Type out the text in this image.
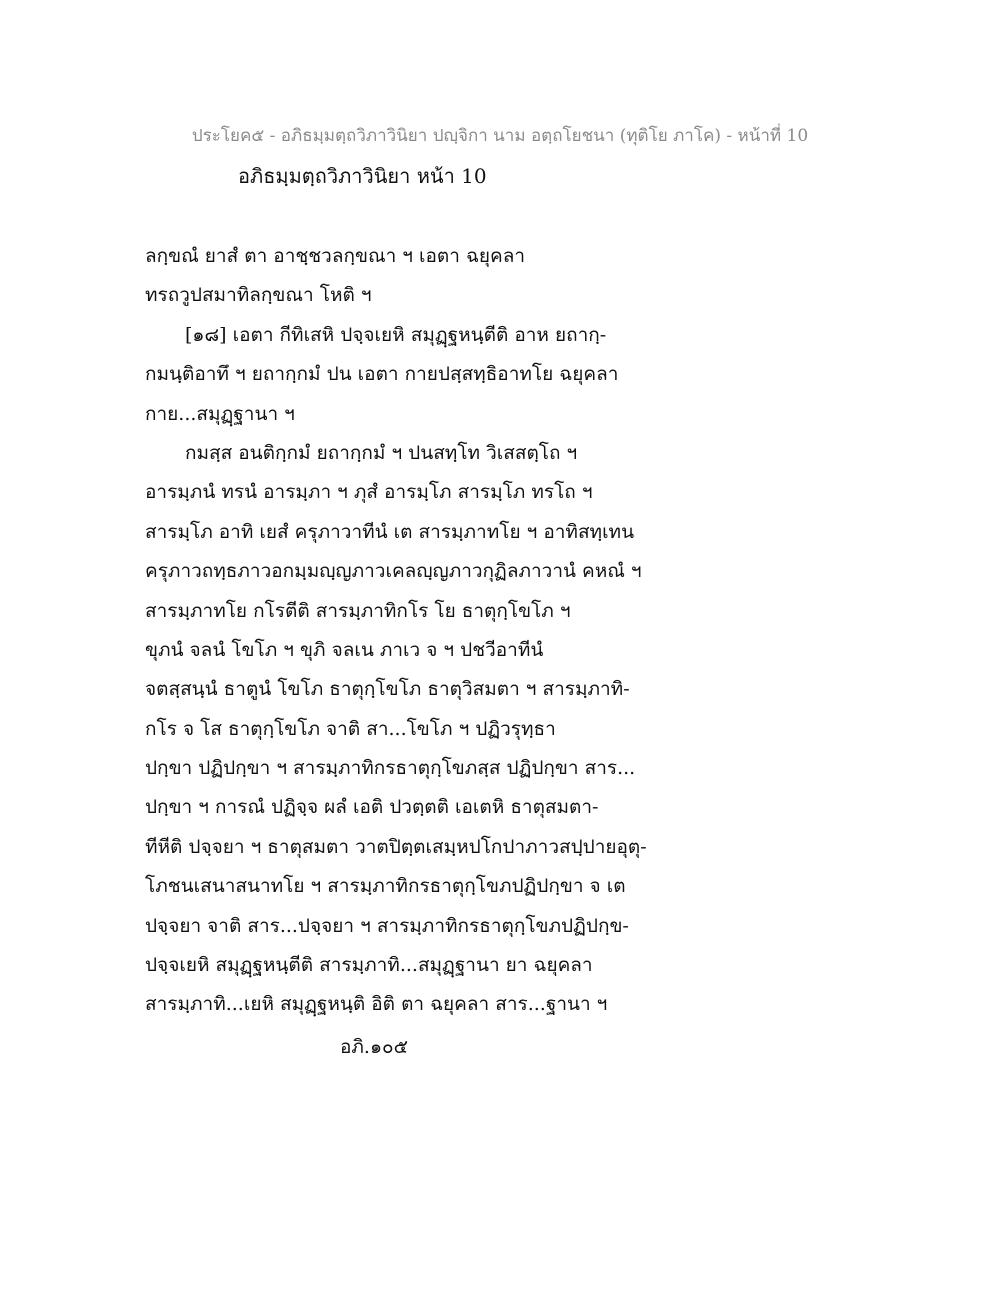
ประโยค๕ - อภิธมฺมตฺถวิภาวินิยา ปญฺจิกา นาม อตฺถโยชนา (ทุติโย ภาโค) - หน้าที่ 10
อภิธมฺมตฺถวิภาวินิยา หน้า 10
ลกฺขณํ ยาสํ ตา อาชฺชวลกฺขณา ฯ เอตา ฉยุคลา
ทรถวูปสมาทิลกฺขณา โหติ ฯ
[๑๘] เอตา กีทิเสหิ ปจฺจเยหิ สมุฏฺฐหนฺตีติ อาห ยถากฺ-
กมนฺติอาทึ ฯ ยถากฺกมํ ปน เอตา กายปสฺสทฺธิอาทโย ฉยุคลา
กาย...สมุฏฺฐานา ฯ
กมสฺส อนติกฺกมํ ยถากฺกมํ ฯ ปนสทฺโท วิเสสตฺโถ ฯ
อารมฺภนํ ทรนํ อารมฺภา ฯ ภุสํ อารมฺโภ สารมฺโภ ทรโถ ฯ
สารมฺโภ อาทิ เยสํ ครุภาวาทีนํ เต สารมฺภาทโย ฯ อาทิสทฺเทน
ครุภาวถทฺธภาวอกมฺมญฺญภาวเคลญฺญภาวกุฏิลภาวานํ คหณํ ฯ
สารมฺภาทโย กโรตีติ สารมฺภาทิกโร โย ธาตุกฺโขโภ ฯ
ขุภนํ จลนํ โขโภ ฯ ขุภิ จลเน ภาเว จ ฯ ปชวีอาทีนํ
จตสฺสนฺนํ ธาตูนํ โขโภ ธาตุกฺโขโภ ธาตุวิสมตา ฯ สารมฺภาทิ-
กโร จ โส ธาตุกฺโขโภ จาติ สา...โขโภ ฯ ปฏิวรุทฺธา
ปกฺขา ปฏิปกฺขา ฯ สารมฺภาทิกรธาตุกฺโขภสฺส ปฏิปกฺขา สาร...
ปกฺขา ฯ การณํ ปฏิจฺจ ผลํ เอติ ปวตฺตติ เอเตหิ ธาตุสมตา-
ทีหีติ ปจฺจยา ฯ ธาตุสมตา วาตปิตฺตเสมฺหปโกปาภาวสปฺปายอุตุ-
โภชนเสนาสนาทโย ฯ สารมฺภาทิกรธาตุกฺโขภปฏิปกฺขา จ เต
ปจฺจยา จาติ สาร...ปจฺจยา ฯ สารมฺภาทิกรธาตุกฺโขภปฏิปกฺข-
ปจฺจเยหิ สมุฏฺฐหนฺตีติ สารมฺภาทิ...สมุฏฺฐานา ยา ฉยุคลา
สารมฺภาทิ...เยหิ สมุฏฺฐหนฺติ อิติ ตา ฉยุคลา สาร...ฐานา ฯ
อภิ.๑๐๕
